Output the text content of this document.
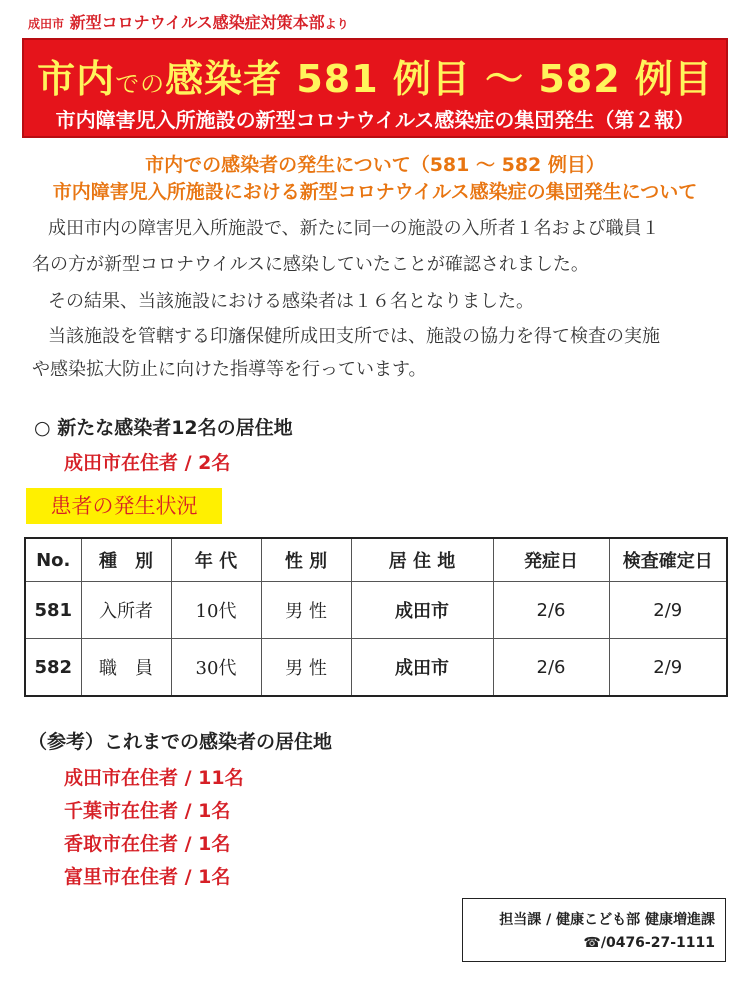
成田市 新型コロナウイルス感染症対策本部より
市内での感染者 581 例目 ～ 582 例目
市内障害児入所施設の新型コロナウイルス感染症の集団発生（第２報）
市内での感染者の発生について（581 ～ 582 例目）
市内障害児入所施設における新型コロナウイルス感染症の集団発生について
成田市内の障害児入所施設で、新たに同一の施設の入所者１名および職員１
名の方が新型コロナウイルスに感染していたことが確認されました。
その結果、当該施設における感染者は１６名となりました。
当該施設を管轄する印旛保健所成田支所では、施設の協力を得て検査の実施
や感染拡大防止に向けた指導等を行っています。
○ 新たな感染者12名の居住地
成田市在住者 / 2名
患者の発生状況
No.	種　別	年 代	性 別	居 住 地	発症日	検査確定日
581	入所者	10代	男 性	成田市	2/6	2/9
582	職　員	30代	男 性	成田市	2/6	2/9
（参考）これまでの感染者の居住地
成田市在住者 / 11名
千葉市在住者 / 1名
香取市在住者 / 1名
富里市在住者 / 1名
担当課 / 健康こども部 健康増進課
☎/0476-27-1111
